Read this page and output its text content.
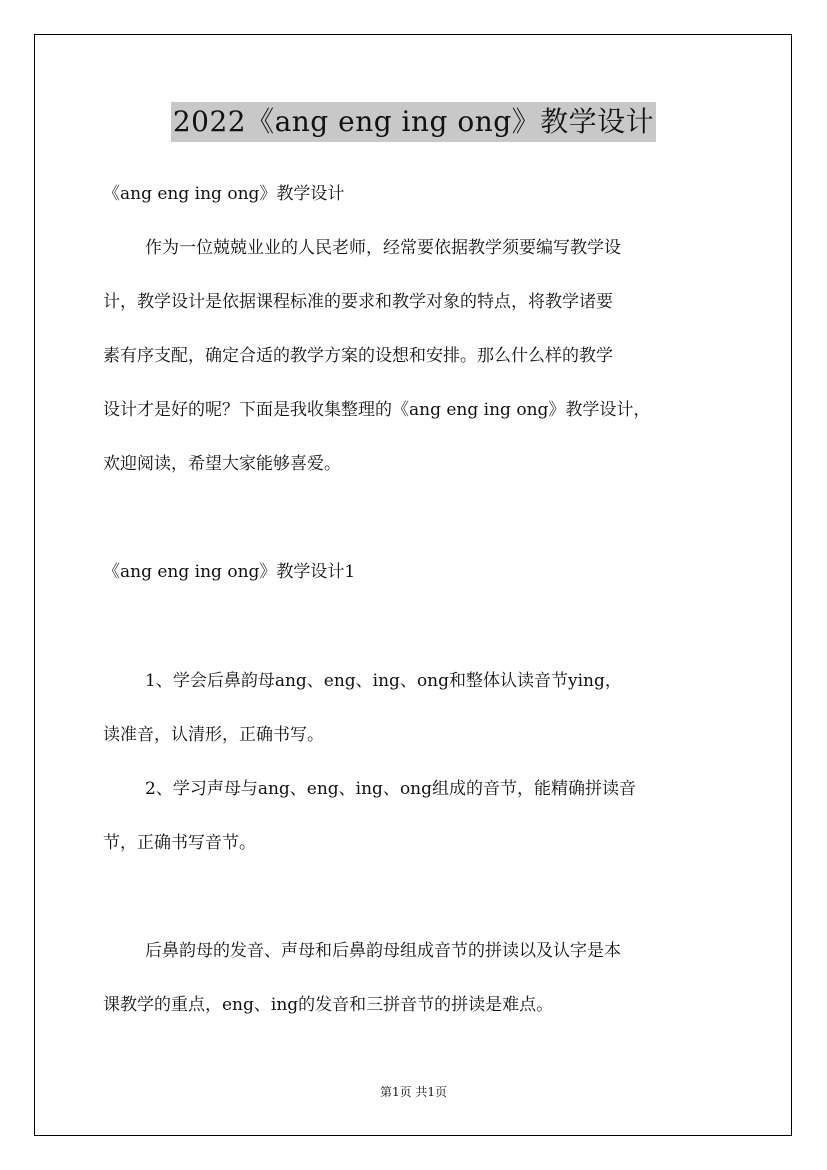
2022《ang eng ing ong》教学设计
《ang eng ing ong》教学设计
作为一位兢兢业业的人民老师，经常要依据教学须要编写教学设
计，教学设计是依据课程标准的要求和教学对象的特点，将教学诸要
素有序支配，确定合适的教学方案的设想和安排。那么什么样的教学
设计才是好的呢？下面是我收集整理的《ang eng ing ong》教学设计，
欢迎阅读，希望大家能够喜爱。
《ang eng ing ong》教学设计1
1、学会后鼻韵母ang、eng、ing、ong和整体认读音节ying，
读准音，认清形，正确书写。
2、学习声母与ang、eng、ing、ong组成的音节，能精确拼读音
节，正确书写音节。
后鼻韵母的发音、声母和后鼻韵母组成音节的拼读以及认字是本
课教学的重点，eng、ing的发音和三拼音节的拼读是难点。
第1页 共1页
